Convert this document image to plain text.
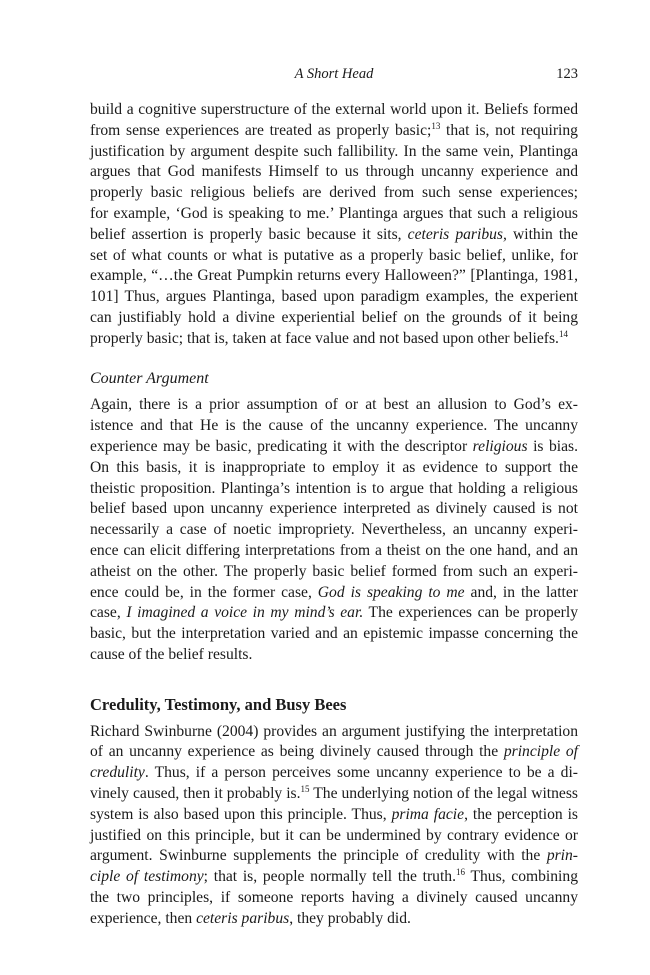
A Short Head	123

build a cognitive superstructure of the external world upon it. Beliefs formed
from sense experiences are treated as properly basic;$^{13}$ that is, not requiring
justification by argument despite such fallibility. In the same vein, Plantinga
argues that God manifests Himself to us through uncanny experience and
properly basic religious beliefs are derived from such sense experiences;
for example, ‘God is speaking to me.’ Plantinga argues that such a religious
belief assertion is properly basic because it sits, ceteris paribus, within the
set of what counts or what is putative as a properly basic belief, unlike, for
example, “…the Great Pumpkin returns every Halloween?” [Plantinga, 1981,
101] Thus, argues Plantinga, based upon paradigm examples, the experient
can justifiably hold a divine experiential belief on the grounds of it being
properly basic; that is, taken at face value and not based upon other beliefs.$^{14}$

Counter Argument

Again, there is a prior assumption of or at best an allusion to God’s ex-
istence and that He is the cause of the uncanny experience. The uncanny
experience may be basic, predicating it with the descriptor religious is bias.
On this basis, it is inappropriate to employ it as evidence to support the
theistic proposition. Plantinga’s intention is to argue that holding a religious
belief based upon uncanny experience interpreted as divinely caused is not
necessarily a case of noetic impropriety. Nevertheless, an uncanny experi-
ence can elicit differing interpretations from a theist on the one hand, and an
atheist on the other. The properly basic belief formed from such an experi-
ence could be, in the former case, God is speaking to me and, in the latter
case, I imagined a voice in my mind’s ear. The experiences can be properly
basic, but the interpretation varied and an epistemic impasse concerning the
cause of the belief results.

Credulity, Testimony, and Busy Bees

Richard Swinburne (2004) provides an argument justifying the interpretation
of an uncanny experience as being divinely caused through the principle of
credulity. Thus, if a person perceives some uncanny experience to be a di-
vinely caused, then it probably is.$^{15}$ The underlying notion of the legal witness
system is also based upon this principle. Thus, prima facie, the perception is
justified on this principle, but it can be undermined by contrary evidence or
argument. Swinburne supplements the principle of credulity with the prin-
ciple of testimony; that is, people normally tell the truth.$^{16}$ Thus, combining
the two principles, if someone reports having a divinely caused uncanny
experience, then ceteris paribus, they probably did.
